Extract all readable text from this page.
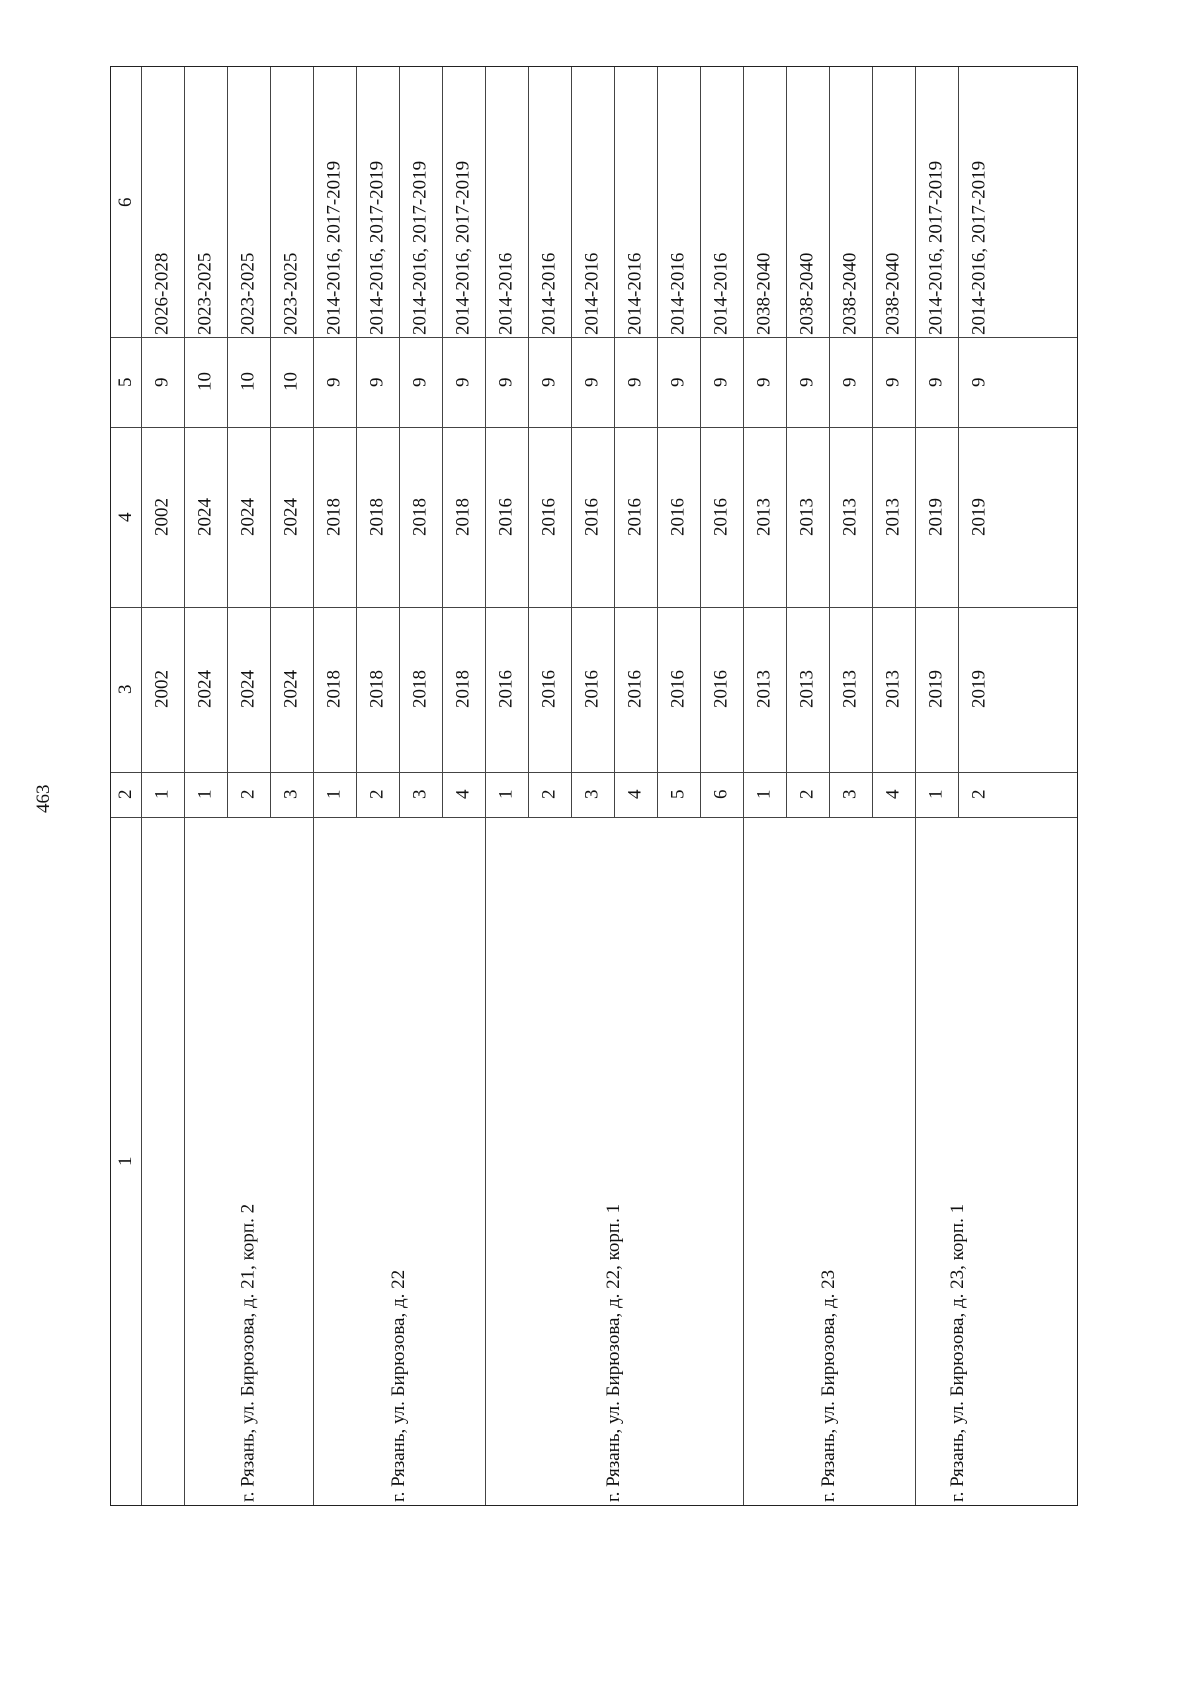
463
1
2
3
4
5
6
1
2002
2002
9
2026-2028
1
2024
2024
10
2023-2025
2
2024
2024
10
2023-2025
3
2024
2024
10
2023-2025
г. Рязань, ул. Бирюзова, д. 21, корп. 2
1
2018
2018
9
2014-2016, 2017-2019
2
2018
2018
9
2014-2016, 2017-2019
3
2018
2018
9
2014-2016, 2017-2019
4
2018
2018
9
2014-2016, 2017-2019
г. Рязань, ул. Бирюзова, д. 22
1
2016
2016
9
2014-2016
2
2016
2016
9
2014-2016
3
2016
2016
9
2014-2016
4
2016
2016
9
2014-2016
5
2016
2016
9
2014-2016
6
2016
2016
9
2014-2016
г. Рязань, ул. Бирюзова, д. 22, корп. 1
1
2013
2013
9
2038-2040
2
2013
2013
9
2038-2040
3
2013
2013
9
2038-2040
4
2013
2013
9
2038-2040
г. Рязань, ул. Бирюзова, д. 23
1
2019
2019
9
2014-2016, 2017-2019
2
2019
2019
9
2014-2016, 2017-2019
г. Рязань, ул. Бирюзова, д. 23, корп. 1
